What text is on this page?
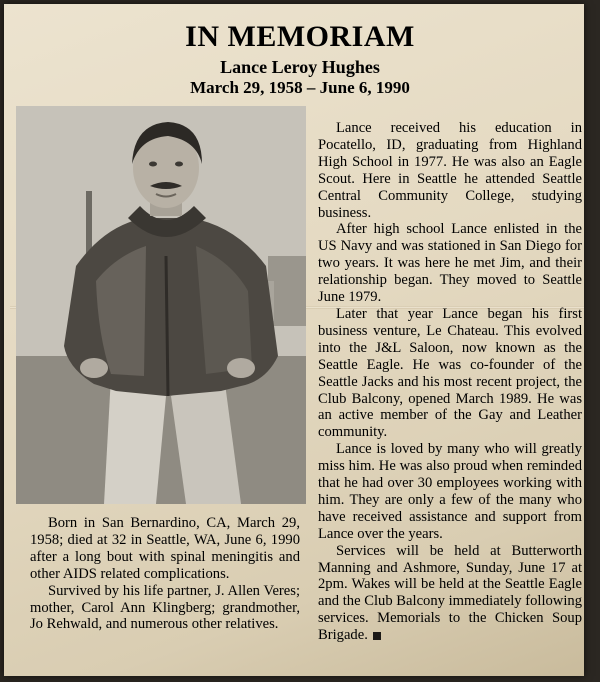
IN MEMORIAM
Lance Leroy Hughes
March 29, 1958 – June 6, 1990

Born in San Bernardino, CA, March 29, 1958; died at 32 in Seattle, WA, June 6, 1990 after a long bout with spinal meningitis and other AIDS related complications.

Survived by his life partner, J. Allen Veres; mother, Carol Ann Klingberg; grandmother, Jo Rehwald, and numerous other relatives.

Lance received his education in Pocatello, ID, graduating from Highland High School in 1977. He was also an Eagle Scout. Here in Seattle he attended Seattle Central Community College, studying business.

After high school Lance enlisted in the US Navy and was stationed in San Diego for two years. It was here he met Jim, and their relationship began. They moved to Seattle June 1979.

Later that year Lance began his first business venture, Le Chateau. This evolved into the J&L Saloon, now known as the Seattle Eagle. He was co-founder of the Seattle Jacks and his most recent project, the Club Balcony, opened March 1989. He was an active member of the Gay and Leather community.

Lance is loved by many who will greatly miss him. He was also proud when reminded that he had over 30 employees working with him. They are only a few of the many who have received assistance and support from Lance over the years.

Services will be held at Butterworth Manning and Ashmore, Sunday, June 17 at 2pm. Wakes will be held at the Seattle Eagle and the Club Balcony immediately following services. Memorials to the Chicken Soup Brigade.
